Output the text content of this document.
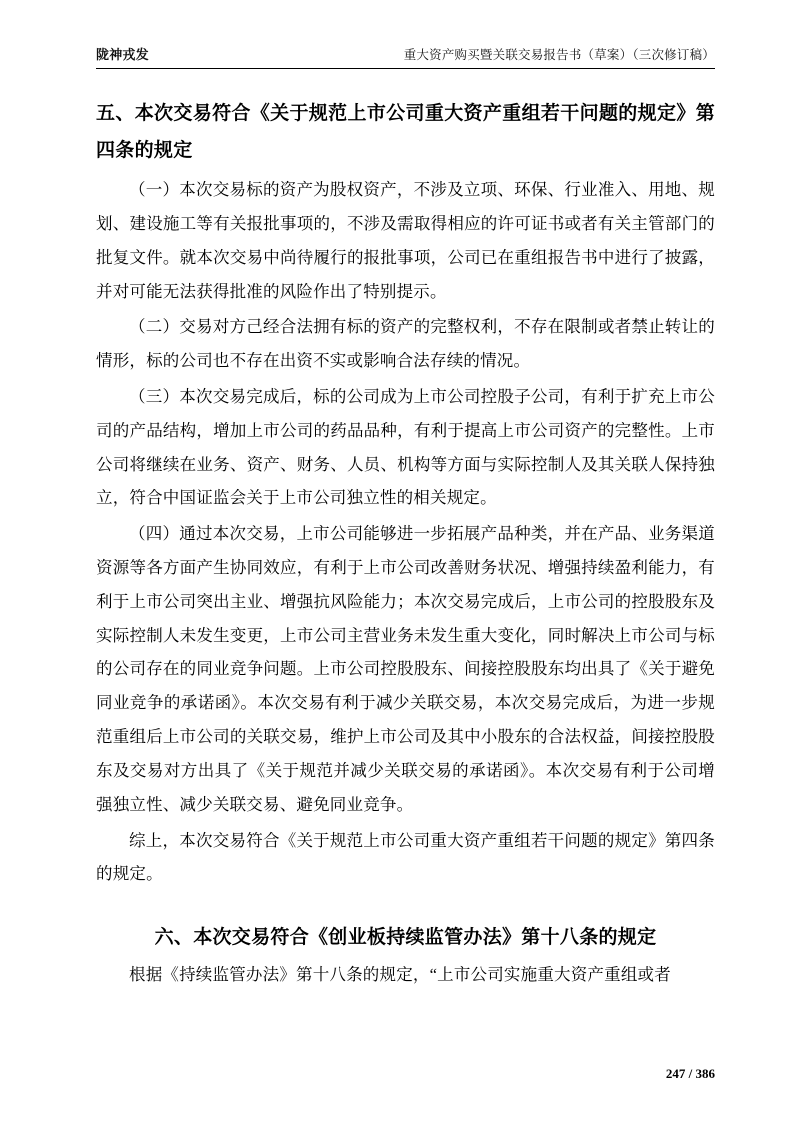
陇神戎发	重大资产购买暨关联交易报告书（草案）（三次修订稿）
五、本次交易符合《关于规范上市公司重大资产重组若干问题的规定》第四条的规定

（一）本次交易标的资产为股权资产，不涉及立项、环保、行业准入、用地、规划、建设施工等有关报批事项的，不涉及需取得相应的许可证书或者有关主管部门的批复文件。就本次交易中尚待履行的报批事项，公司已在重组报告书中进行了披露，并对可能无法获得批准的风险作出了特别提示。

（二）交易对方己经合法拥有标的资产的完整权利，不存在限制或者禁止转让的情形，标的公司也不存在出资不实或影响合法存续的情况。

（三）本次交易完成后，标的公司成为上市公司控股子公司，有利于扩充上市公司的产品结构，增加上市公司的药品品种，有利于提高上市公司资产的完整性。上市公司将继续在业务、资产、财务、人员、机构等方面与实际控制人及其关联人保持独立，符合中国证监会关于上市公司独立性的相关规定。

（四）通过本次交易，上市公司能够进一步拓展产品种类，并在产品、业务渠道资源等各方面产生协同效应，有利于上市公司改善财务状况、增强持续盈利能力，有利于上市公司突出主业、增强抗风险能力；本次交易完成后，上市公司的控股股东及实际控制人未发生变更，上市公司主营业务未发生重大变化，同时解决上市公司与标的公司存在的同业竞争问题。上市公司控股股东、间接控股股东均出具了《关于避免同业竞争的承诺函》。本次交易有利于减少关联交易，本次交易完成后，为进一步规范重组后上市公司的关联交易，维护上市公司及其中小股东的合法权益，间接控股股东及交易对方出具了《关于规范并减少关联交易的承诺函》。本次交易有利于公司增强独立性、减少关联交易、避免同业竞争。

综上，本次交易符合《关于规范上市公司重大资产重组若干问题的规定》第四条的规定。

六、本次交易符合《创业板持续监管办法》第十八条的规定

根据《持续监管办法》第十八条的规定，“上市公司实施重大资产重组或者

247 / 386
